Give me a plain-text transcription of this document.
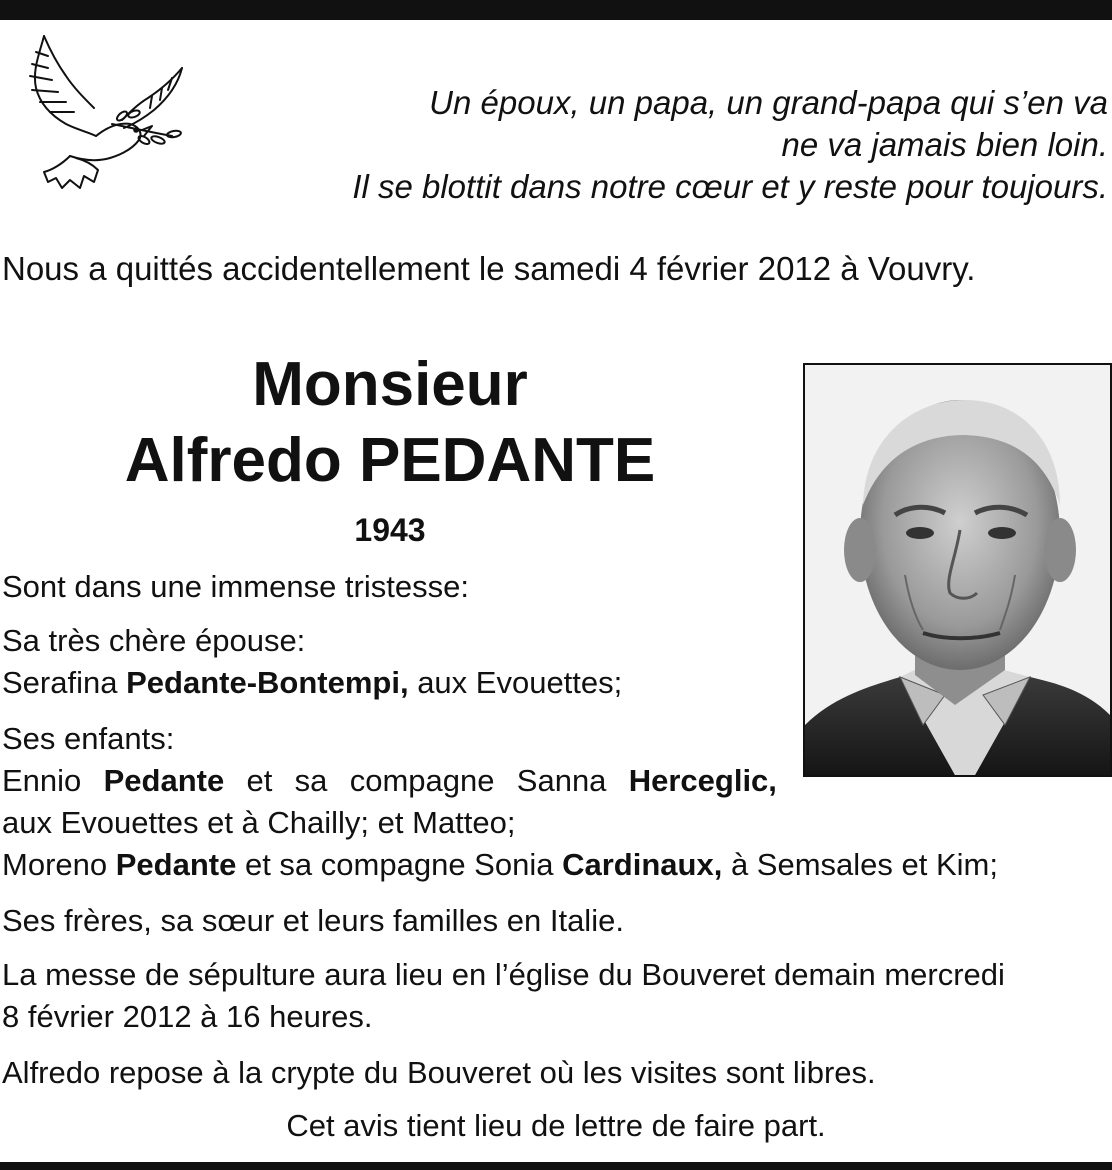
Un époux, un papa, un grand-papa qui s’en va
ne va jamais bien loin.
Il se blottit dans notre cœur et y reste pour toujours.
Nous a quittés accidentellement le samedi 4 février 2012 à Vouvry.
Monsieur
Alfredo PEDANTE
1943
Sont dans une immense tristesse:
Sa très chère épouse:
Serafina Pedante-Bontempi, aux Evouettes;
Ses enfants:
Ennio Pedante et sa compagne Sanna Herceglic,
aux Evouettes et à Chailly; et Matteo;
Moreno Pedante et sa compagne Sonia Cardinaux, à Semsales et Kim;
Ses frères, sa sœur et leurs familles en Italie.
La messe de sépulture aura lieu en l’église du Bouveret demain mercredi
8 février 2012 à 16 heures.
Alfredo repose à la crypte du Bouveret où les visites sont libres.
Cet avis tient lieu de lettre de faire part.
